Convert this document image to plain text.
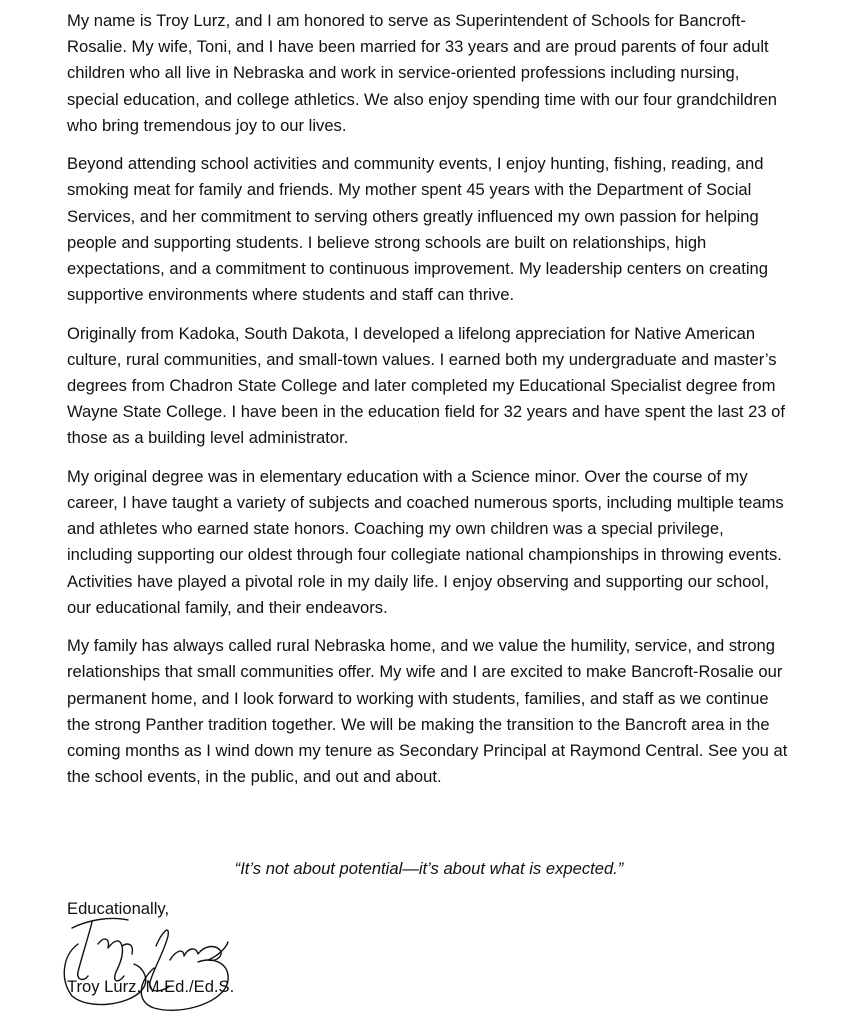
My name is Troy Lurz, and I am honored to serve as Superintendent of Schools for Bancroft-Rosalie. My wife, Toni, and I have been married for 33 years and are proud parents of four adult children who all live in Nebraska and work in service-oriented professions including nursing, special education, and college athletics. We also enjoy spending time with our four grandchildren who bring tremendous joy to our lives.

Beyond attending school activities and community events, I enjoy hunting, fishing, reading, and smoking meat for family and friends. My mother spent 45 years with the Department of Social Services, and her commitment to serving others greatly influenced my own passion for helping people and supporting students. I believe strong schools are built on relationships, high expectations, and a commitment to continuous improvement. My leadership centers on creating supportive environments where students and staff can thrive.

Originally from Kadoka, South Dakota, I developed a lifelong appreciation for Native American culture, rural communities, and small-town values. I earned both my undergraduate and master’s degrees from Chadron State College and later completed my Educational Specialist degree from Wayne State College. I have been in the education field for 32 years and have spent the last 23 of those as a building level administrator.

My original degree was in elementary education with a Science minor. Over the course of my career, I have taught a variety of subjects and coached numerous sports, including multiple teams and athletes who earned state honors. Coaching my own children was a special privilege, including supporting our oldest through four collegiate national championships in throwing events. Activities have played a pivotal role in my daily life. I enjoy observing and supporting our school, our educational family, and their endeavors.

My family has always called rural Nebraska home, and we value the humility, service, and strong relationships that small communities offer. My wife and I are excited to make Bancroft-Rosalie our permanent home, and I look forward to working with students, families, and staff as we continue the strong Panther tradition together. We will be making the transition to the Bancroft area in the coming months as I wind down my tenure as Secondary Principal at Raymond Central. See you at the school events, in the public, and out and about.

“It’s not about potential—it’s about what is expected.”

Educationally,

Troy Lurz, M.Ed./Ed.S.
